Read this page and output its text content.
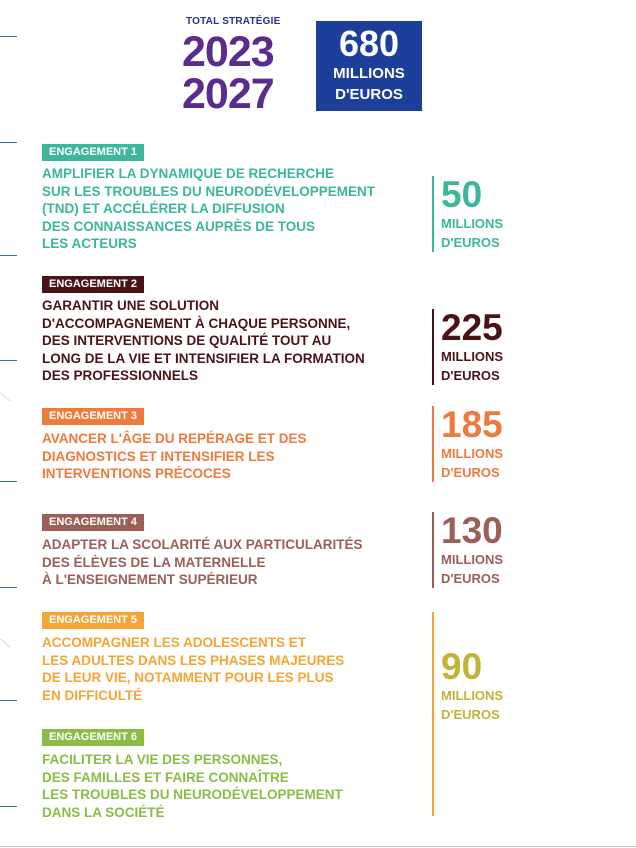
TOTAL STRATÉGIE
2023
2027
680
MILLIONS
D'EUROS
ENGAGEMENT 1

AMPLIFIER LA DYNAMIQUE DE RECHERCHE
SUR LES TROUBLES DU NEURODÉVELOPPEMENT
(TND) ET ACCÉLÉRER LA DIFFUSION
DES CONNAISSANCES AUPRÈS DE TOUS
LES ACTEURS

ENGAGEMENT 2

GARANTIR UNE SOLUTION
D'ACCOMPAGNEMENT À CHAQUE PERSONNE,
DES INTERVENTIONS DE QUALITÉ TOUT AU
LONG DE LA VIE ET INTENSIFIER LA FORMATION
DES PROFESSIONNELS

ENGAGEMENT 3

AVANCER L'ÂGE DU REPÉRAGE ET DES
DIAGNOSTICS ET INTENSIFIER LES
INTERVENTIONS PRÉCOCES

ENGAGEMENT 4

ADAPTER LA SCOLARITÉ AUX PARTICULARITÉS
DES ÉLÈVES DE LA MATERNELLE
À L'ENSEIGNEMENT SUPÉRIEUR

ENGAGEMENT 5

ACCOMPAGNER LES ADOLESCENTS ET
LES ADULTES DANS LES PHASES MAJEURES
DE LEUR VIE, NOTAMMENT POUR LES PLUS
EN DIFFICULTÉ

ENGAGEMENT 6

FACILITER LA VIE DES PERSONNES,
DES FAMILLES ET FAIRE CONNAÎTRE
LES TROUBLES DU NEURODÉVELOPPEMENT
DANS LA SOCIÉTÉ

50
MILLIONS
D'EUROS
225
MILLIONS
D'EUROS
185
MILLIONS
D'EUROS
130
MILLIONS
D'EUROS
90
MILLIONS
D'EUROS
